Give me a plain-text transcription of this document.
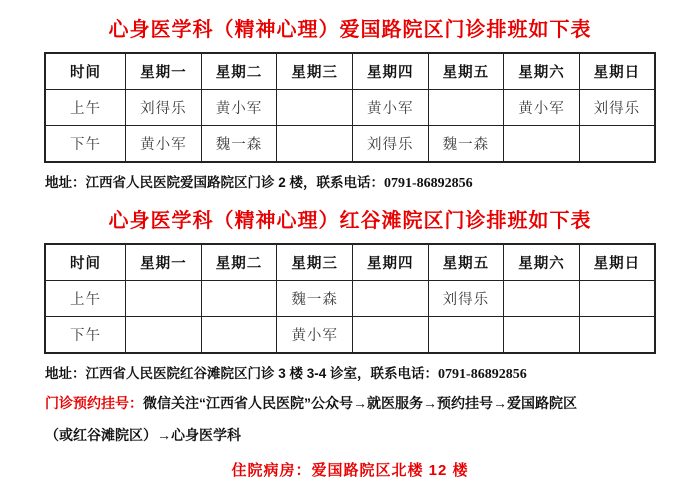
心身医学科（精神心理）爱国路院区门诊排班如下表
时间	星期一	星期二	星期三	星期四	星期五	星期六	星期日
上午	刘得乐	黄小军		黄小军		黄小军	刘得乐
下午	黄小军	魏一森		刘得乐	魏一森		

地址：江西省人民医院爱国路院区门诊 2 楼，联系电话：0791-86892856

心身医学科（精神心理）红谷滩院区门诊排班如下表
时间	星期一	星期二	星期三	星期四	星期五	星期六	星期日
上午			魏一森		刘得乐		
下午			黄小军				

地址：江西省人民医院红谷滩院区门诊 3 楼 3-4 诊室，联系电话：0791-86892856

门诊预约挂号：微信关注“江西省人民医院”公众号→就医服务→预约挂号→爱国路院区

（或红谷滩院区）→心身医学科

住院病房：爱国路院区北楼 12 楼
